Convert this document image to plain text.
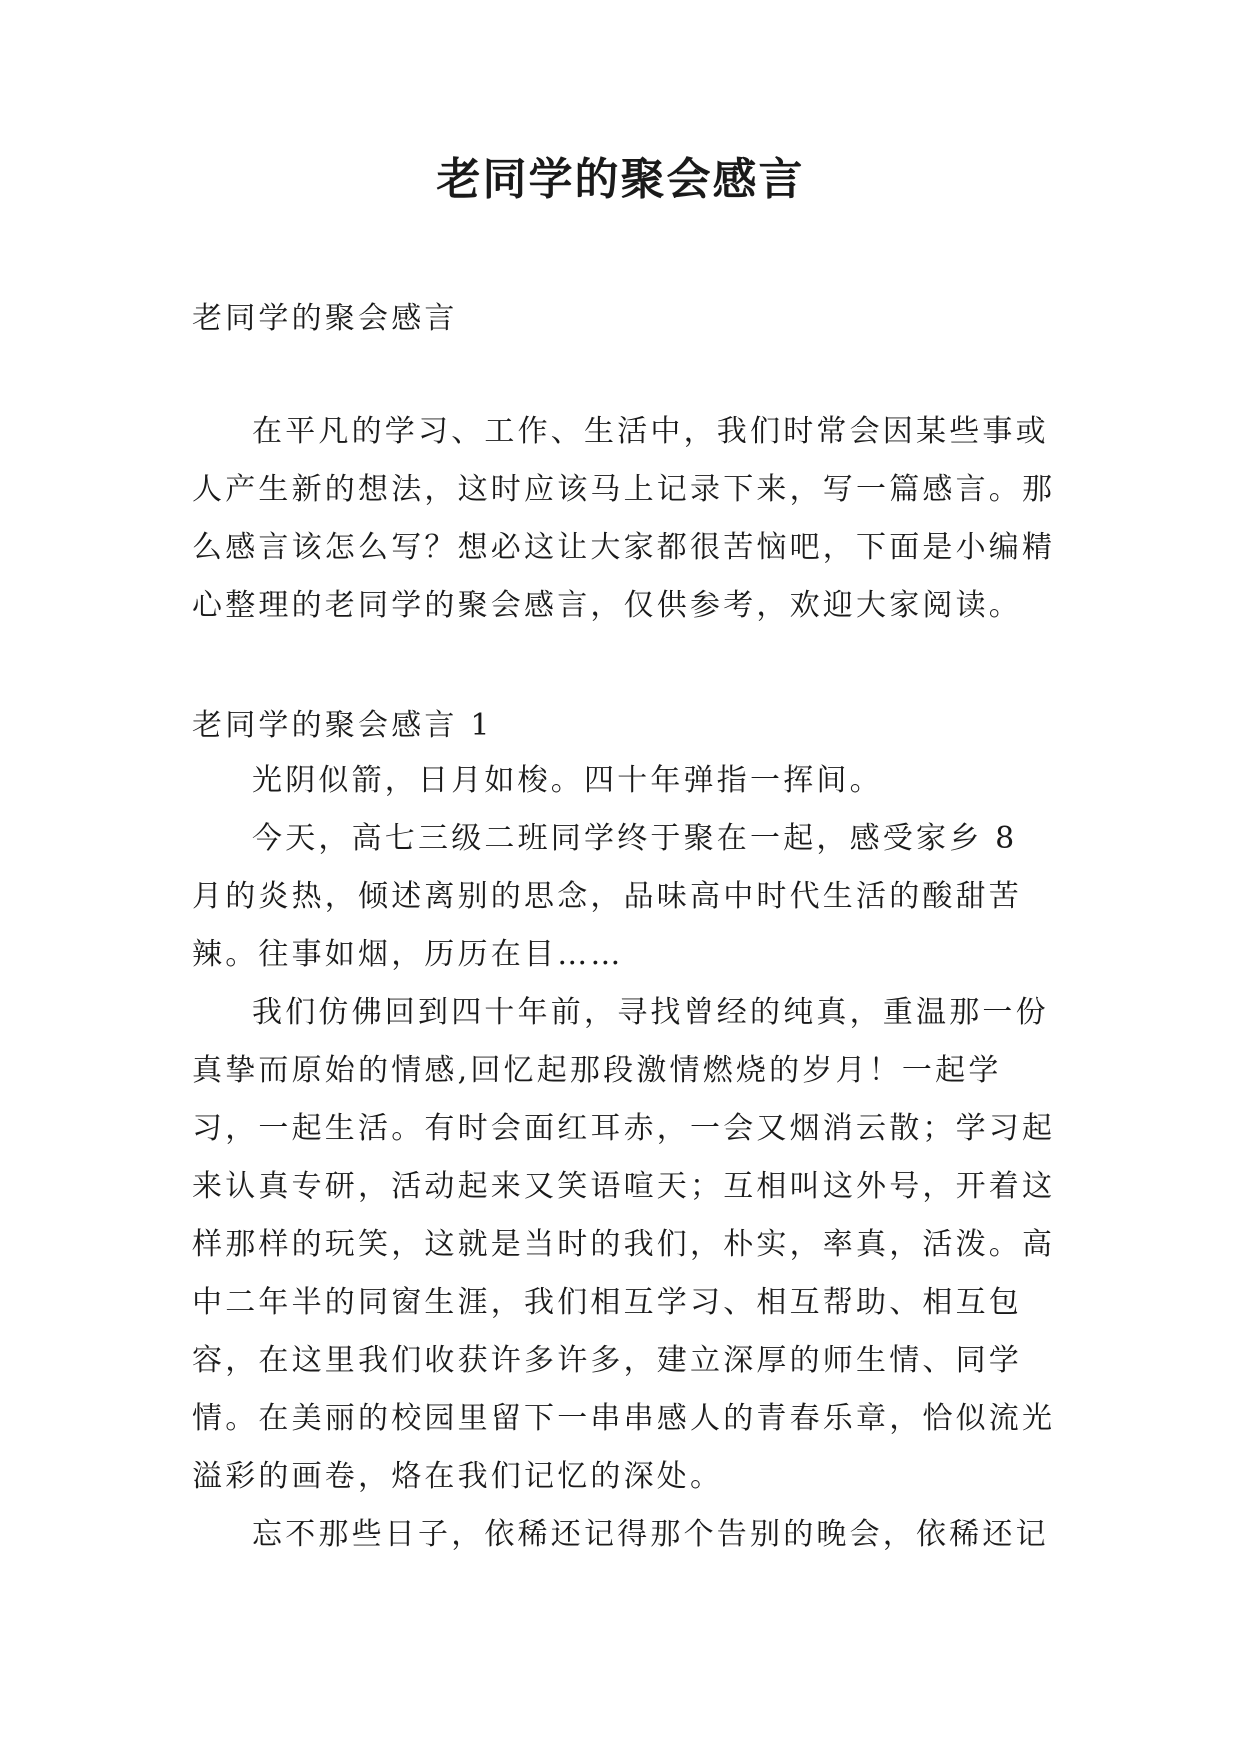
老同学的聚会感言
老同学的聚会感言

在平凡的学习、工作、生活中，我们时常会因某些事或人产生新的想法，这时应该马上记录下来，写一篇感言。那么感言该怎么写？想必这让大家都很苦恼吧，下面是小编精心整理的老同学的聚会感言，仅供参考，欢迎大家阅读。

老同学的聚会感言 1

光阴似箭，日月如梭。四十年弹指一挥间。

今天，高七三级二班同学终于聚在一起，感受家乡 8 月的炎热，倾述离别的思念，品味高中时代生活的酸甜苦辣。往事如烟，历历在目……

我们仿佛回到四十年前，寻找曾经的纯真，重温那一份真挚而原始的情感,回忆起那段激情燃烧的岁月！一起学习，一起生活。有时会面红耳赤，一会又烟消云散；学习起来认真专研，活动起来又笑语喧天；互相叫这外号，开着这样那样的玩笑，这就是当时的我们，朴实，率真，活泼。高中二年半的同窗生涯，我们相互学习、相互帮助、相互包容，在这里我们收获许多许多，建立深厚的师生情、同学情。在美丽的校园里留下一串串感人的青春乐章，恰似流光溢彩的画卷，烙在我们记忆的深处。

忘不那些日子，依稀还记得那个告别的晚会，依稀还记
